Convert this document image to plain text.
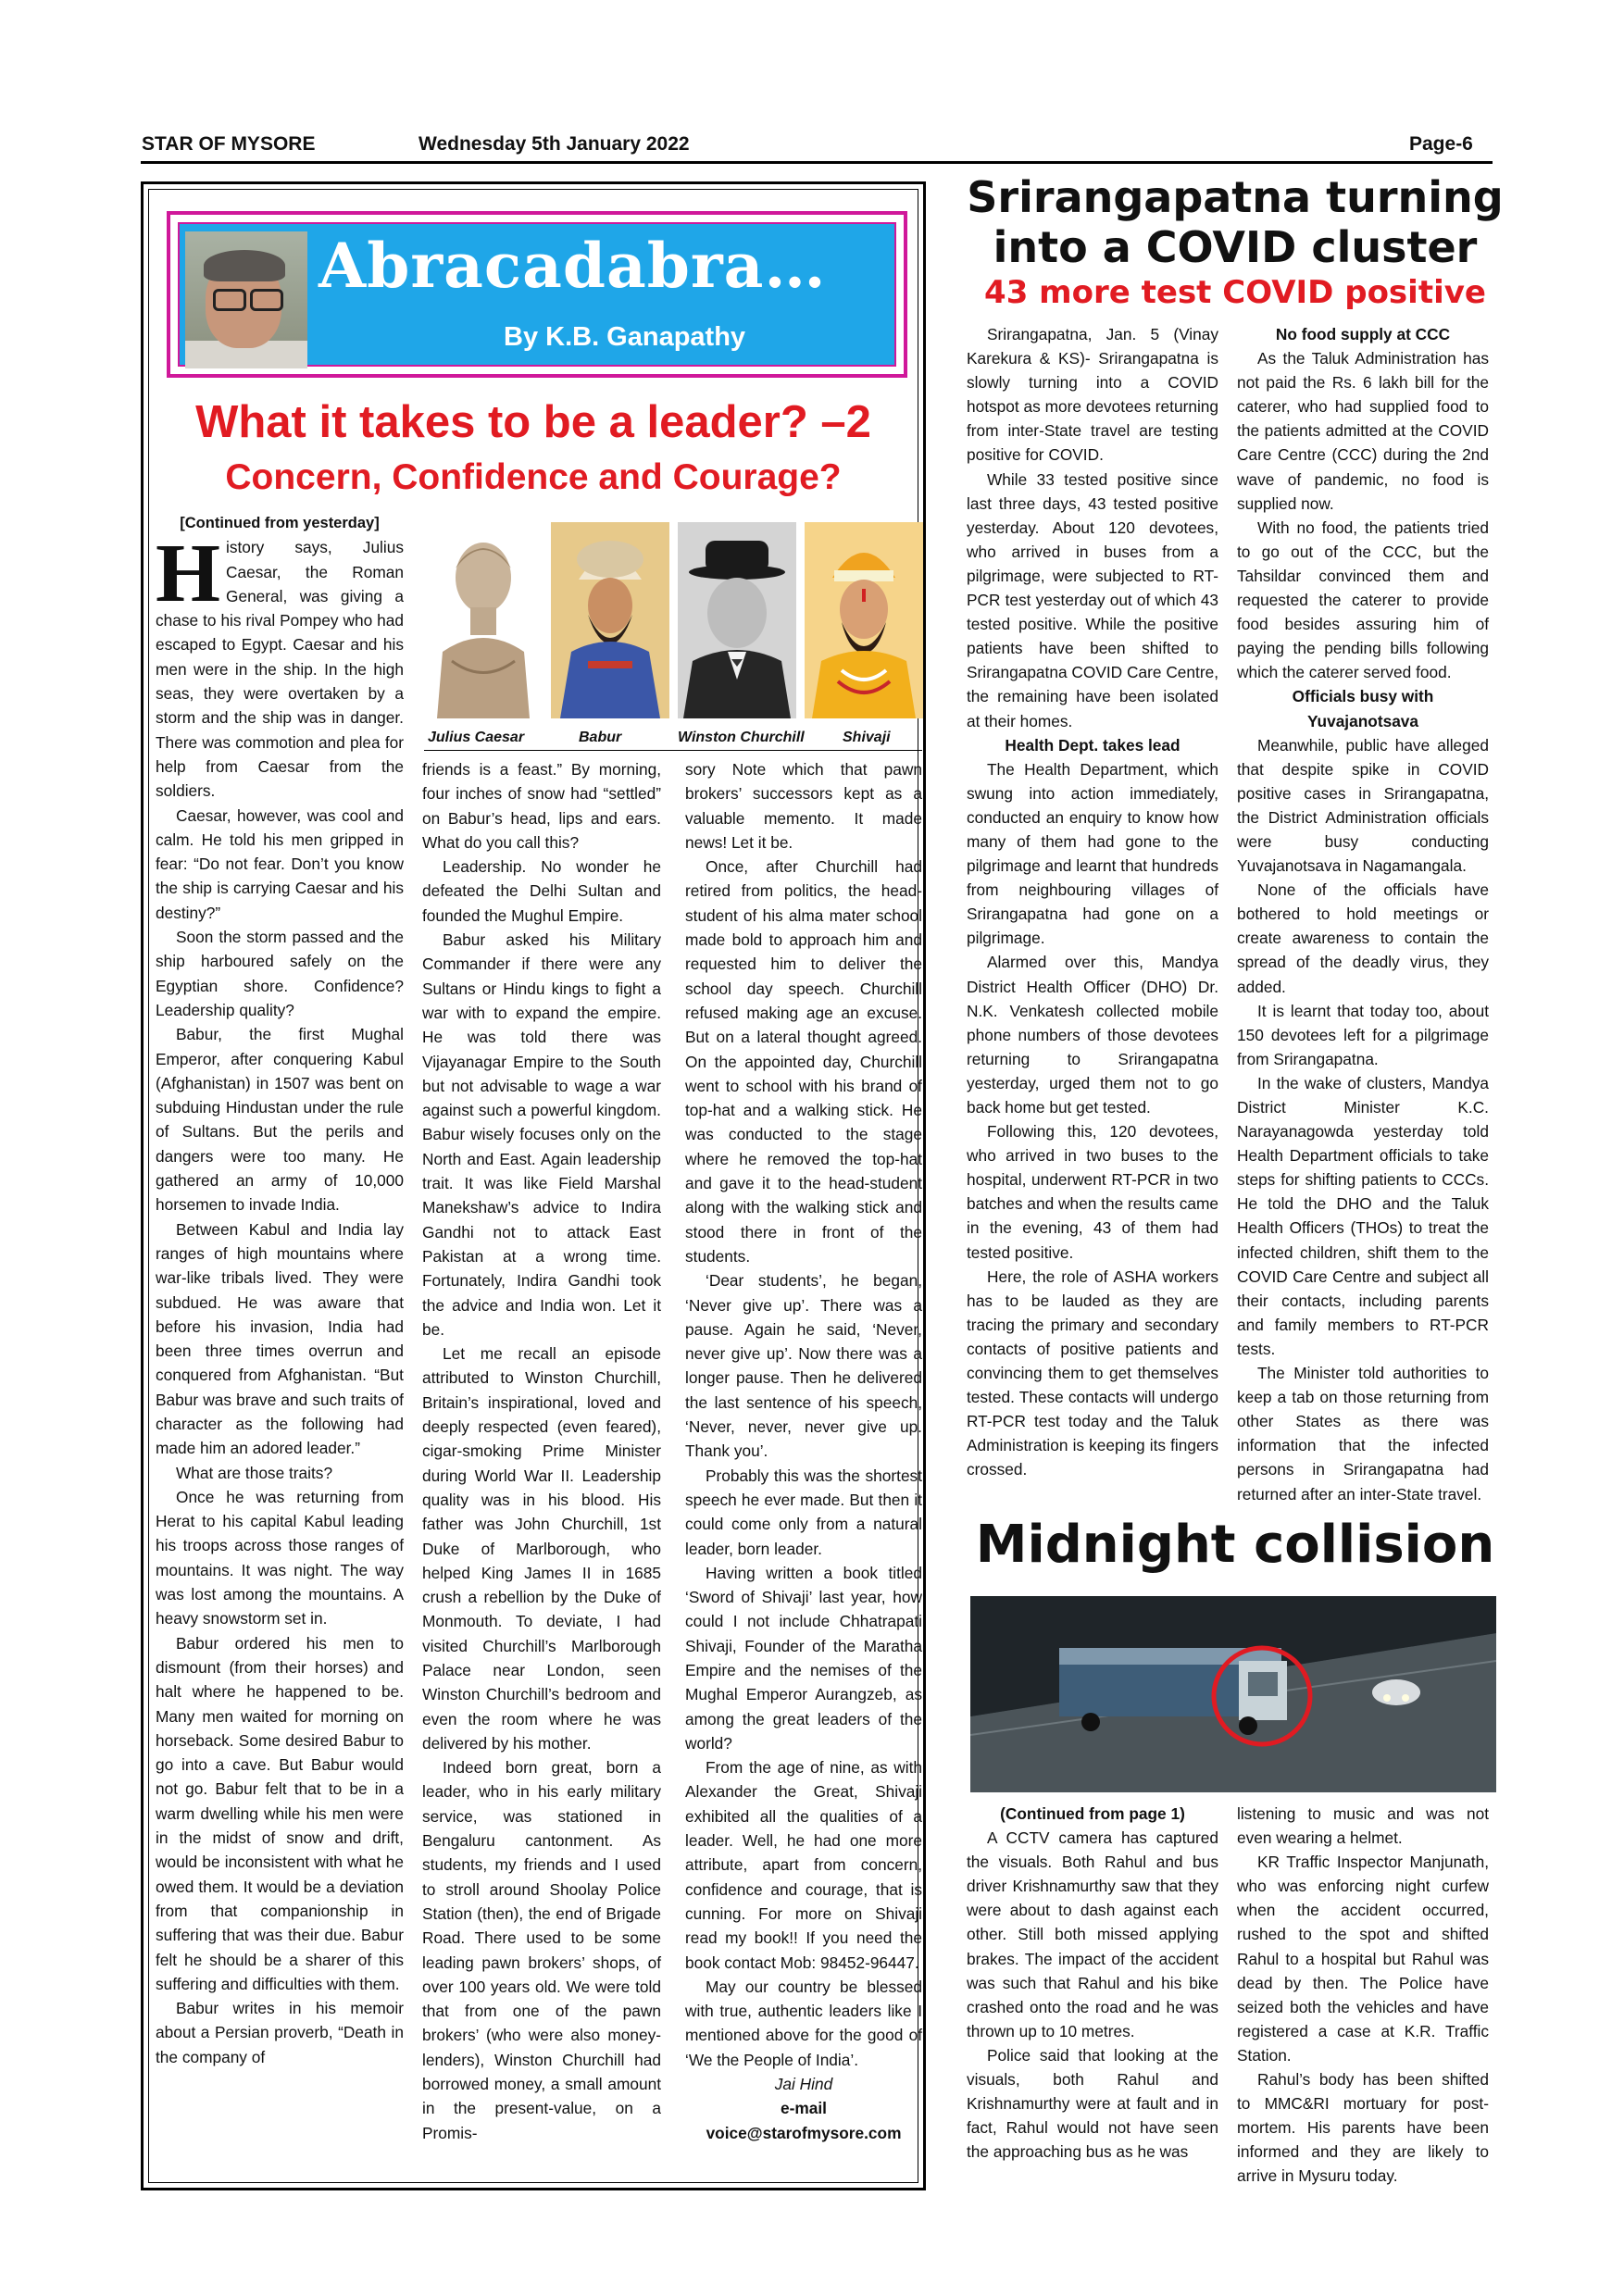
STAR OF MYSORE	Wednesday 5th January 2022	Page-6
Abracadabra…
By K.B. Ganapathy
What it takes to be a leader? –2
Concern, Confidence and Courage?
Julius Caesar	Babur	Winston Churchill	Shivaji

[Continued from yesterday]

History says, Julius Caesar, the Roman General, was giving a chase to his rival Pompey who had escaped to Egypt. Caesar and his men were in the ship. In the high seas, they were overtaken by a storm and the ship was in danger. There was commotion and plea for help from Caesar from the soldiers.

Caesar, however, was cool and calm. He told his men gripped in fear: “Do not fear. Don’t you know the ship is carrying Caesar and his destiny?”

Soon the storm passed and the ship harboured safely on the Egyptian shore. Confidence? Leadership quality?

Babur, the first Mughal Emperor, after conquering Kabul (Afghanistan) in 1507 was bent on subduing Hindustan under the rule of Sultans. But the perils and dangers were too many. He gathered an army of 10,000 horsemen to invade India.

Between Kabul and India lay ranges of high mountains where war-like tribals lived. They were subdued. He was aware that before his invasion, India had been three times overrun and conquered from Afghanistan. “But Babur was brave and such traits of character as the following had made him an adored leader.”

What are those traits?

Once he was returning from Herat to his capital Kabul leading his troops across those ranges of mountains. It was night. The way was lost among the mountains. A heavy snowstorm set in.

Babur ordered his men to dismount (from their horses) and halt where he happened to be. Many men waited for morning on horseback. Some desired Babur to go into a cave. But Babur would not go. Babur felt that to be in a warm dwelling while his men were in the midst of snow and drift, would be inconsistent with what he owed them. It would be a deviation from that companionship in suffering that was their due. Babur felt he should be a sharer of this suffering and difficulties with them.

Babur writes in his memoir about a Persian proverb, “Death in the company of

friends is a feast.” By morning, four inches of snow had “settled” on Babur’s head, lips and ears. What do you call this?

Leadership. No wonder he defeated the Delhi Sultan and founded the Mughul Empire.

Babur asked his Military Commander if there were any Sultans or Hindu kings to fight a war with to expand the empire. He was told there was Vijayanagar Empire to the South but not advisable to wage a war against such a powerful kingdom. Babur wisely focuses only on the North and East. Again leadership trait. It was like Field Marshal Manekshaw’s advice to Indira Gandhi not to attack East Pakistan at a wrong time. Fortunately, Indira Gandhi took the advice and India won. Let it be.

Let me recall an episode attributed to Winston Churchill, Britain’s inspirational, loved and deeply respected (even feared), cigar-smoking Prime Minister during World War II. Leadership quality was in his blood. His father was John Churchill, 1st Duke of Marlborough, who helped King James II in 1685 crush a rebellion by the Duke of Monmouth. To deviate, I had visited Churchill’s Marlborough Palace near London, seen Winston Churchill’s bedroom and even the room where he was delivered by his mother.

Indeed born great, born a leader, who in his early military service, was stationed in Bengaluru cantonment. As students, my friends and I used to stroll around Shoolay Police Station (then), the end of Brigade Road. There used to be some leading pawn brokers’ shops, of over 100 years old. We were told that from one of the pawn brokers’ (who were also money-lenders), Winston Churchill had borrowed money, a small amount in the present-value, on a Promis-

sory Note which that pawn brokers’ successors kept as a valuable memento. It made news! Let it be.

Once, after Churchill had retired from politics, the head-student of his alma mater school made bold to approach him and requested him to deliver the school day speech. Churchill refused making age an excuse. But on a lateral thought agreed. On the appointed day, Churchill went to school with his brand of top-hat and a walking stick. He was conducted to the stage where he removed the top-hat and gave it to the head-student along with the walking stick and stood there in front of the students.

‘Dear students’, he began, ‘Never give up’. There was a pause. Again he said, ‘Never, never give up’. Now there was a longer pause. Then he delivered the last sentence of his speech, ‘Never, never, never give up. Thank you’.

Probably this was the shortest speech he ever made. But then it could come only from a natural leader, born leader.

Having written a book titled ‘Sword of Shivaji’ last year, how could I not include Chhatrapati Shivaji, Founder of the Maratha Empire and the nemises of the Mughal Emperor Aurangzeb, as among the great leaders of the world?

From the age of nine, as with Alexander the Great, Shivaji exhibited all the qualities of a leader. Well, he had one more attribute, apart from concern, confidence and courage, that is cunning. For more on Shivaji read my book!! If you need the book contact Mob: 98452-96447.

May our country be blessed with true, authentic leaders like I mentioned above for the good of ‘We the People of India’.

Jai Hind

e-mail

voice@starofmysore.com

Srirangapatna turning into a COVID cluster
43 more test COVID positive

Srirangapatna, Jan. 5 (Vinay Karekura & KS)- Srirangapatna is slowly turning into a COVID hotspot as more devotees returning from inter-State travel are testing positive for COVID.

While 33 tested positive since last three days, 43 tested positive yesterday. About 120 devotees, who arrived in buses from a pilgrimage, were subjected to RT-PCR test yesterday out of which 43 tested positive. While the positive patients have been shifted to Srirangapatna COVID Care Centre, the remaining have been isolated at their homes.

Health Dept. takes lead

The Health Department, which swung into action immediately, conducted an enquiry to know how many of them had gone to the pilgrimage and learnt that hundreds from neighbouring villages of Srirangapatna had gone on a pilgrimage.

Alarmed over this, Mandya District Health Officer (DHO) Dr. N.K. Venkatesh collected mobile phone numbers of those devotees returning to Srirangapatna yesterday, urged them not to go back home but get tested.

Following this, 120 devotees, who arrived in two buses to the hospital, underwent RT-PCR in two batches and when the results came in the evening, 43 of them had tested positive.

Here, the role of ASHA workers has to be lauded as they are tracing the primary and secondary contacts of positive patients and convincing them to get themselves tested. These contacts will undergo RT-PCR test today and the Taluk Administration is keeping its fingers crossed.

No food supply at CCC

As the Taluk Administration has not paid the Rs. 6 lakh bill for the caterer, who had supplied food to the patients admitted at the COVID Care Centre (CCC) during the 2nd wave of pandemic, no food is supplied now.

With no food, the patients tried to go out of the CCC, but the Tahsildar convinced them and requested the caterer to provide food besides assuring him of paying the pending bills following which the caterer served food.

Officials busy with Yuvajanotsava

Meanwhile, public have alleged that despite spike in COVID positive cases in Srirangapatna, the District Administration officials were busy conducting Yuvajanotsava in Nagamangala.

None of the officials have bothered to hold meetings or create awareness to contain the spread of the deadly virus, they added.

It is learnt that today too, about 150 devotees left for a pilgrimage from Srirangapatna.

In the wake of clusters, Mandya District Minister K.C. Narayanagowda yesterday told Health Department officials to take steps for shifting patients to CCCs. He told the DHO and the Taluk Health Officers (THOs) to treat the infected children, shift them to the COVID Care Centre and subject all their contacts, including parents and family members to RT-PCR tests.

The Minister told authorities to keep a tab on those returning from other States as there was information that the infected persons in Srirangapatna had returned after an inter-State travel.

Midnight collision

(Continued from page 1)

A CCTV camera has captured the visuals. Both Rahul and bus driver Krishnamurthy saw that they were about to dash against each other. Still both missed applying brakes. The impact of the accident was such that Rahul and his bike crashed onto the road and he was thrown up to 10 metres.

Police said that looking at the visuals, both Rahul and Krishnamurthy were at fault and in fact, Rahul would not have seen the approaching bus as he was

listening to music and was not even wearing a helmet.

KR Traffic Inspector Manjunath, who was enforcing night curfew when the accident occurred, rushed to the spot and shifted Rahul to a hospital but Rahul was dead by then. The Police have seized both the vehicles and have registered a case at K.R. Traffic Station.

Rahul’s body has been shifted to MMC&RI mortuary for post-mortem. His parents have been informed and they are likely to arrive in Mysuru today.
